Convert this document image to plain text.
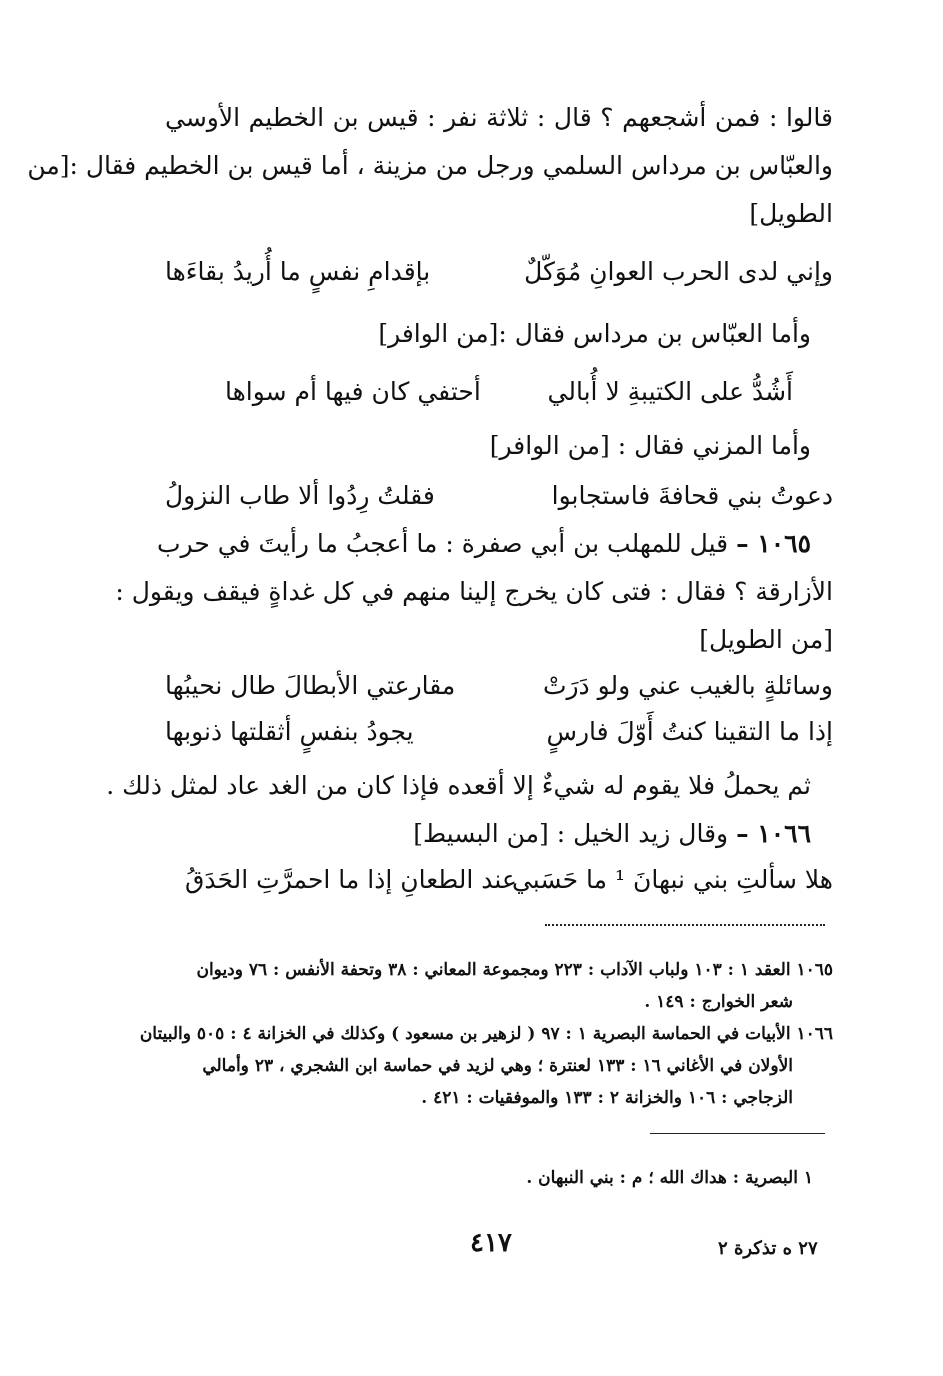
قالوا : فمن أشجعهم ؟ قال : ثلاثة نفر : قيس بن الخطيم الأوسي
والعبّاس بن مرداس السلمي ورجل من مزينة ، أما قيس بن الخطيم فقال :[من
الطويل]
وإني لدى الحرب العوانِ مُوَكّلٌ
بإقدامِ نفسٍ ما أُريدُ بقاءَها
وأما العبّاس بن مرداس فقال :[من الوافر]
أَشُدُّ على الكتيبةِ لا أُبالي
أحتفي كان فيها أم سواها
وأما المزني فقال : [من الوافر]
دعوتُ بني قحافةَ فاستجابوا
فقلتُ رِدُوا ألا طاب النزولُ
١٠٦٥ – قيل للمهلب بن أبي صفرة : ما أعجبُ ما رأيتَ في حرب
الأزارقة ؟ فقال : فتى كان يخرج إلينا منهم في كل غداةٍ فيقف ويقول :
[من الطويل]
وسائلةٍ بالغيب عني ولو دَرَتْ
مقارعتي الأبطالَ طال نحيبُها
إذا ما التقينا كنتُ أَوّلَ فارسٍ
يجودُ بنفسٍ أثقلتها ذنوبها
ثم يحملُ فلا يقوم له شيءٌ إلا أقعده فإذا كان من الغد عاد لمثل ذلك .
١٠٦٦ – وقال زيد الخيل : [من البسيط]
هلا سألتِ بني نبهانَ ¹ ما حَسَبي
عند الطعانِ إذا ما احمرَّتِ الحَدَقُ
١٠٦٥ العقد ١ : ١٠٣ ولباب الآداب : ٢٢٣ ومجموعة المعاني : ٣٨ وتحفة الأنفس : ٧٦ وديوان
شعر الخوارج : ١٤٩ .
١٠٦٦ الأبيات في الحماسة البصرية ١ : ٩٧ ( لزهير بن مسعود ) وكذلك في الخزانة ٤ : ٥٠٥ والبيتان
الأولان في الأغاني ١٦ : ١٣٣ لعنترة ؛ وهي لزيد في حماسة ابن الشجري ، ٢٣ وأمالي
الزجاجي : ١٠٦ والخزانة ٢ : ١٣٣ والموفقيات : ٤٢١ .
١ البصرية : هداك الله ؛ م : بني النبهان .
٤١٧	٢٧ ‌ه تذكرة ٢
